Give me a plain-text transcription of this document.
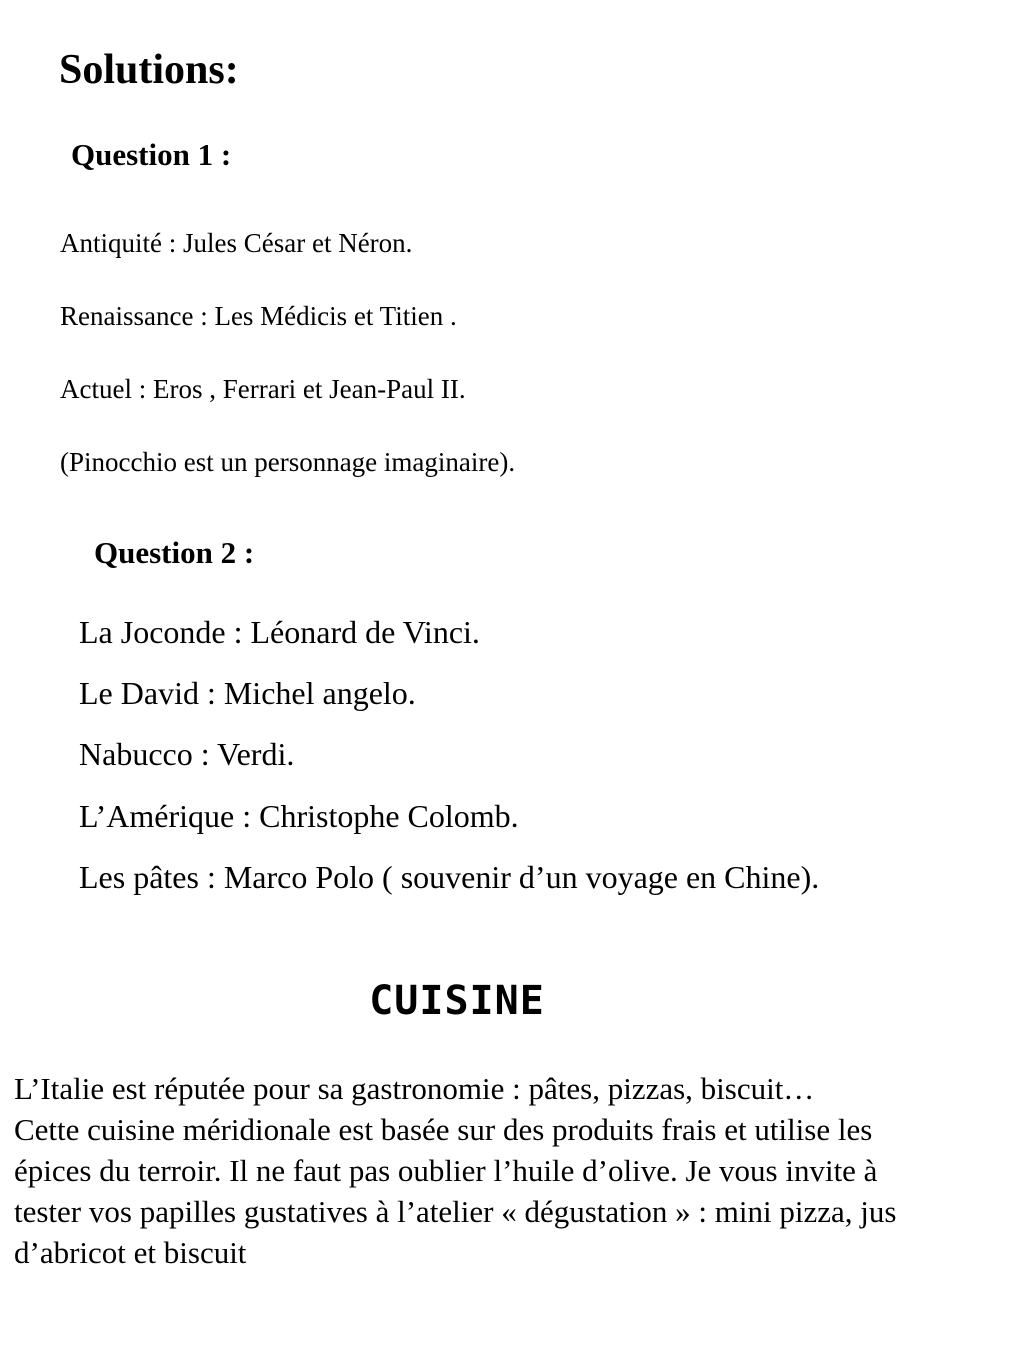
Solutions:
Question 1 :

Antiquité : Jules César et Néron.

Renaissance : Les Médicis et Titien .

Actuel : Eros , Ferrari et Jean-Paul II.

(Pinocchio est un personnage imaginaire).

Question 2 :

La Joconde : Léonard de Vinci.

Le David : Michel angelo.

Nabucco : Verdi.

L’Amérique : Christophe Colomb.

Les pâtes : Marco Polo ( souvenir d’un voyage en Chine).

CUISINE

L’Italie est réputée pour sa gastronomie : pâtes, pizzas, biscuit…
Cette cuisine méridionale est basée sur des produits frais et utilise les
épices du terroir. Il ne faut pas oublier l’huile d’olive. Je vous invite à
tester vos papilles gustatives à l’atelier « dégustation » : mini pizza, jus
d’abricot et biscuit
